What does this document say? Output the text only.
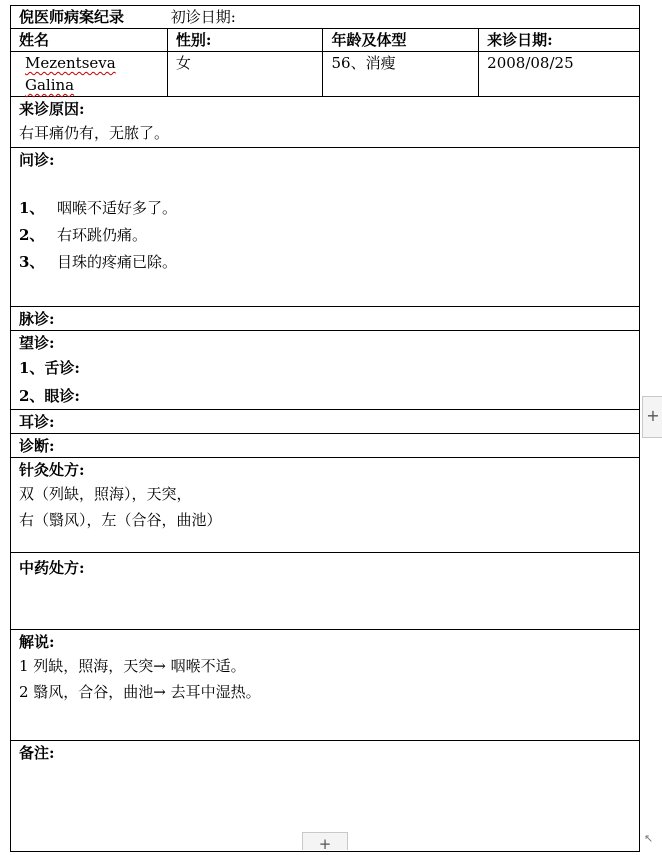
倪医师病案纪录 初诊日期:			
姓名	性别:	年龄及体型	来诊日期:
Mezentseva Galina	女	56、消瘦	2008/08/25

来诊原因:
右耳痛仍有，无脓了。			

问诊:
1、 咽喉不适好多了。
2、 右环跳仍痛。
3、 目珠的疼痛已除。			

脉诊:			

望诊:
1、舌诊:
2、眼诊:			

耳诊:			

诊断:			

针灸处方:
双（列缺，照海），天突，
右（翳风），左（合谷，曲池）			

中药处方:			

解说:
1 列缺，照海，天突→ 咽喉不适。
2 翳风，合谷，曲池→ 去耳中湿热。			

备注:			
+
+	↖
